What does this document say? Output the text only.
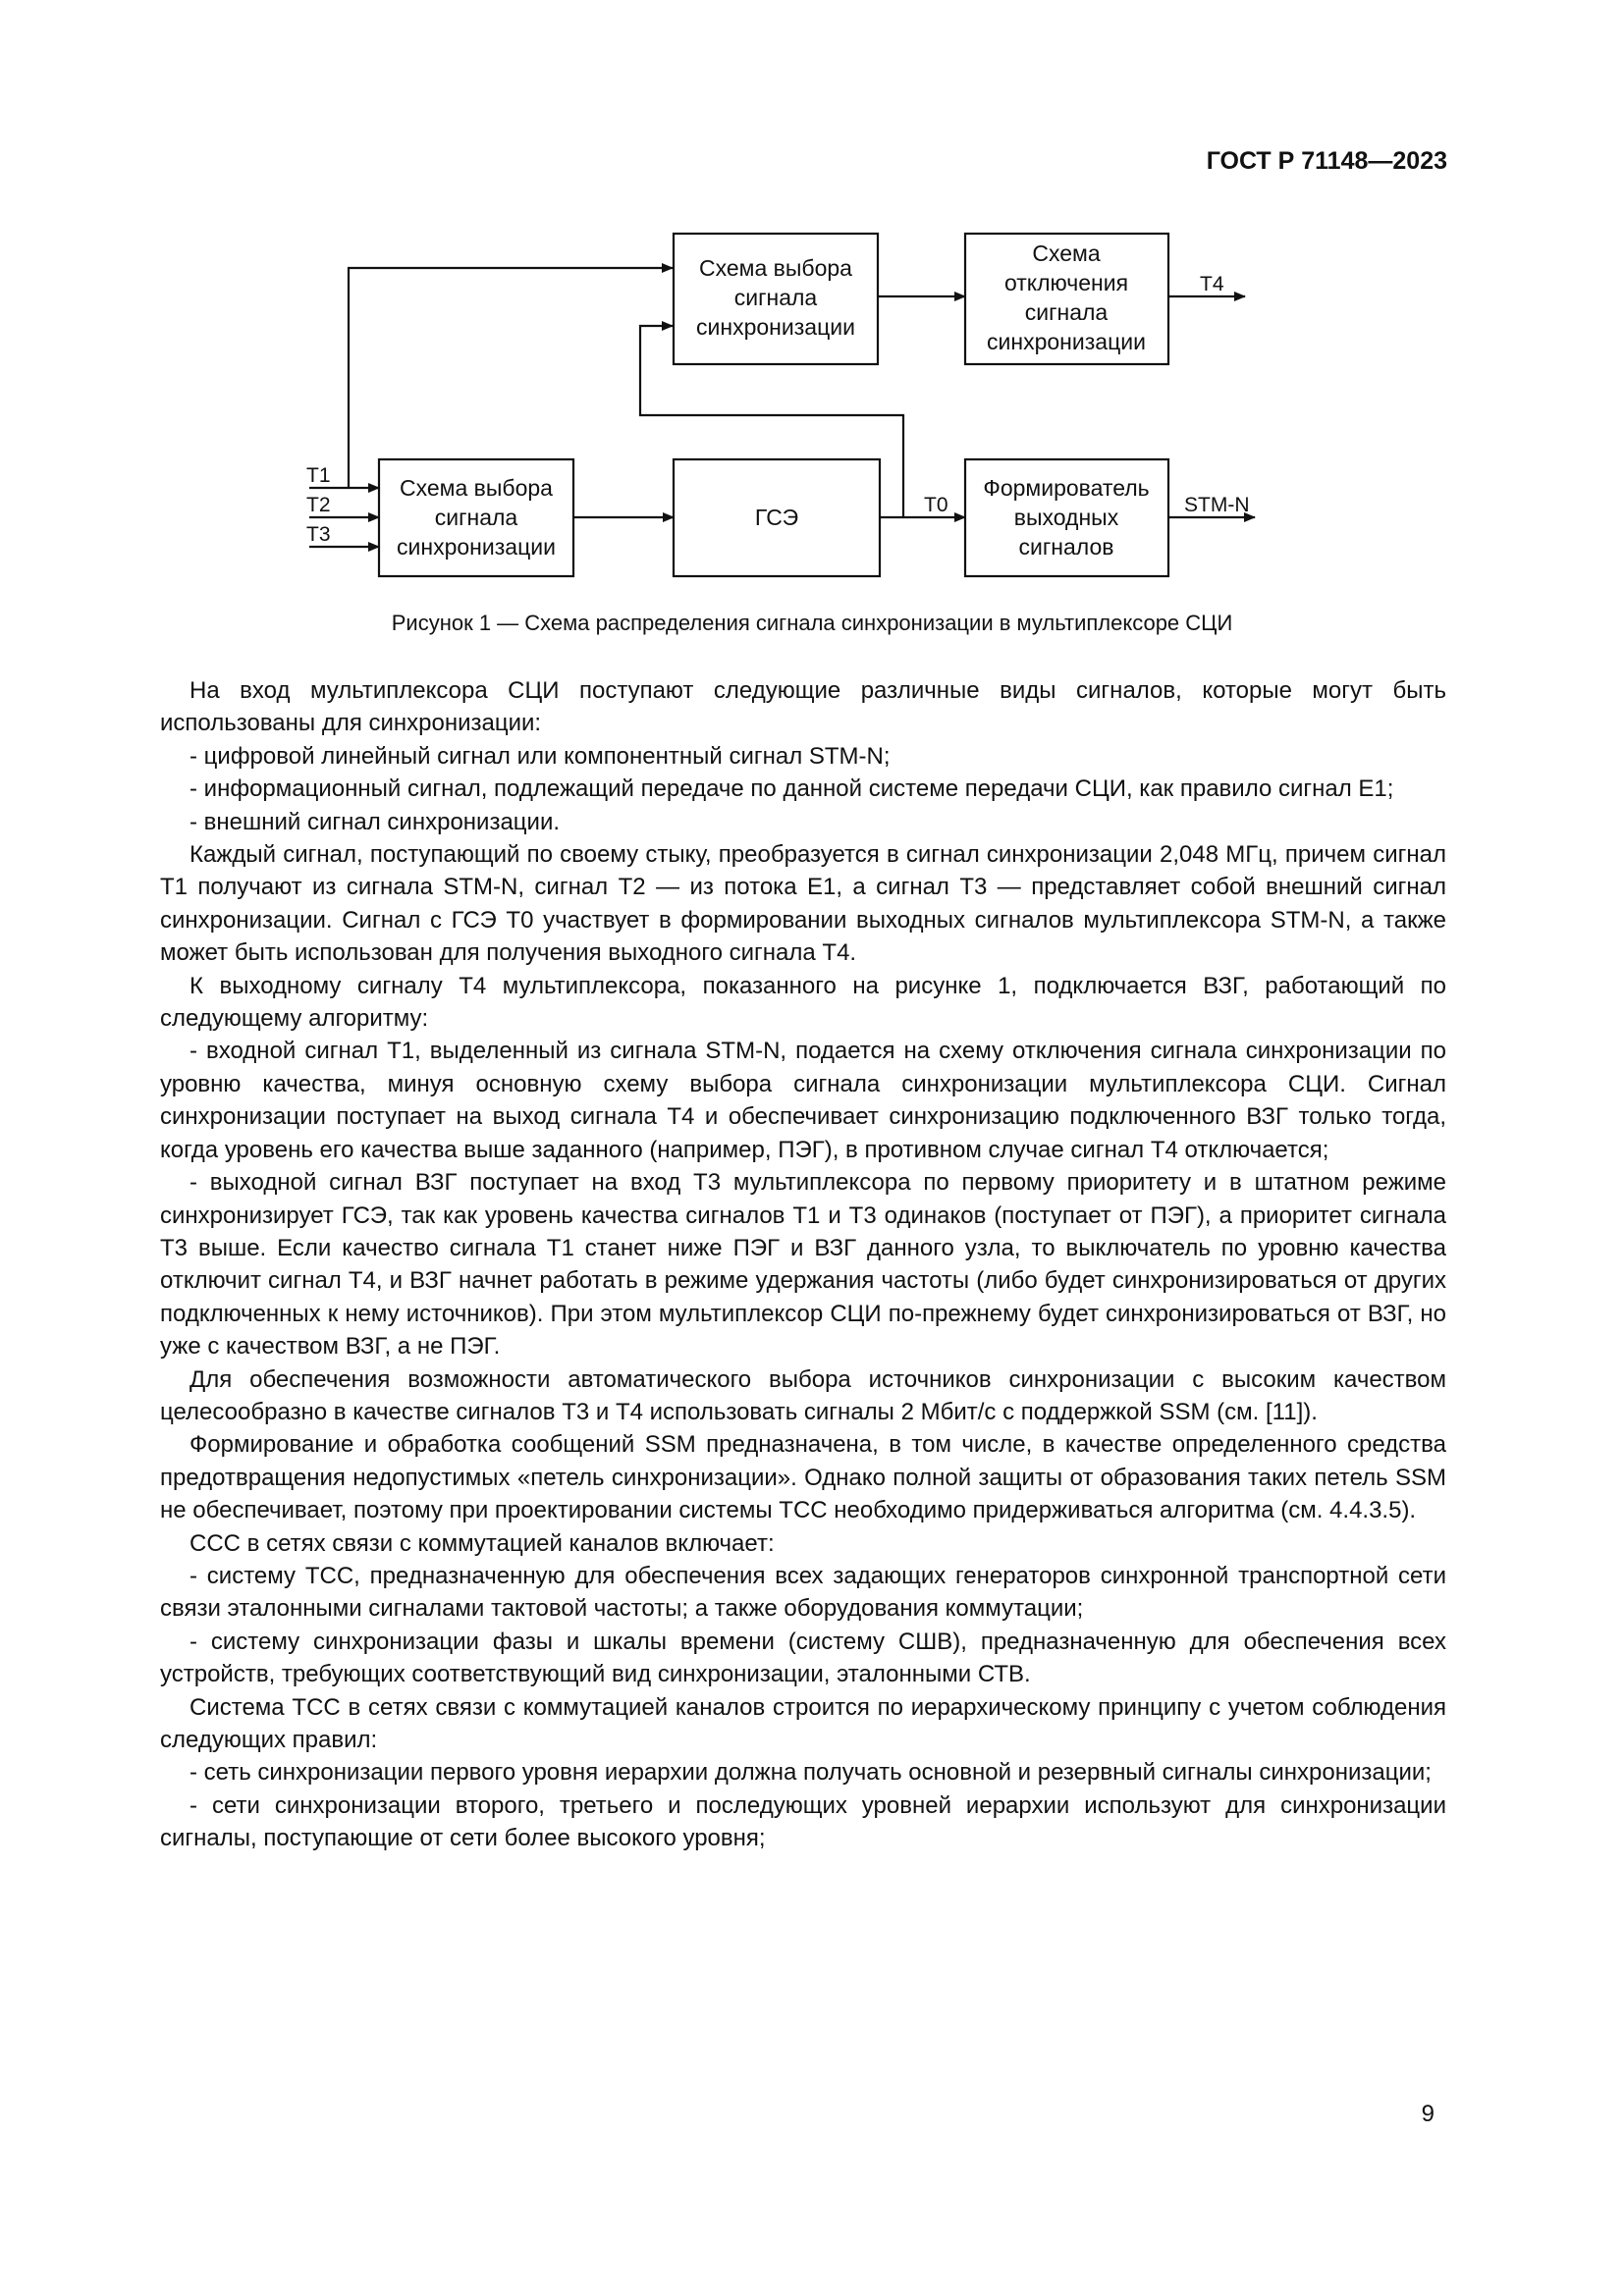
ГОСТ Р 71148—2023
Схема выбора
сигнала
синхронизации
Схема
отключения
сигнала
синхронизации
Схема выбора
сигнала
синхронизации
ГСЭ
Формирователь
выходных
сигналов
T1
T2
T3
T0
T4
STM-N
Рисунок 1 — Схема распределения сигнала синхронизации в мультиплексоре СЦИ

На вход мультиплексора СЦИ поступают следующие различные виды сигналов, которые могут быть использованы для синхронизации:

- цифровой линейный сигнал или компонентный сигнал STM-N;

- информационный сигнал, подлежащий передаче по данной системе передачи СЦИ, как правило сигнал E1;

- внешний сигнал синхронизации.

Каждый сигнал, поступающий по своему стыку, преобразуется в сигнал синхронизации 2,048 МГц, причем сигнал T1 получают из сигнала STM-N, сигнал T2 — из потока E1, а сигнал T3 — представляет собой внешний сигнал синхронизации. Сигнал с ГСЭ T0 участвует в формировании выходных сигналов мультиплексора STM-N, а также может быть использован для получения выходного сигнала T4.

К выходному сигналу T4 мультиплексора, показанного на рисунке 1, подключается ВЗГ, работающий по следующему алгоритму:

- входной сигнал T1, выделенный из сигнала STM-N, подается на схему отключения сигнала синхронизации по уровню качества, минуя основную схему выбора сигнала синхронизации мультиплексора СЦИ. Сигнал синхронизации поступает на выход сигнала T4 и обеспечивает синхронизацию подключенного ВЗГ только тогда, когда уровень его качества выше заданного (например, ПЭГ), в противном случае сигнал T4 отключается;

- выходной сигнал ВЗГ поступает на вход T3 мультиплексора по первому приоритету и в штатном режиме синхронизирует ГСЭ, так как уровень качества сигналов T1 и T3 одинаков (поступает от ПЭГ), а приоритет сигнала T3 выше. Если качество сигнала T1 станет ниже ПЭГ и ВЗГ данного узла, то выключатель по уровню качества отключит сигнал T4, и ВЗГ начнет работать в режиме удержания частоты (либо будет синхронизироваться от других подключенных к нему источников). При этом мультиплексор СЦИ по-прежнему будет синхронизироваться от ВЗГ, но уже с качеством ВЗГ, а не ПЭГ.

Для обеспечения возможности автоматического выбора источников синхронизации с высоким качеством целесообразно в качестве сигналов T3 и T4 использовать сигналы 2 Мбит/с с поддержкой SSM (см. [11]).

Формирование и обработка сообщений SSM предназначена, в том числе, в качестве определенного средства предотвращения недопустимых «петель синхронизации». Однако полной защиты от образования таких петель SSM не обеспечивает, поэтому при проектировании системы ТСС необходимо придерживаться алгоритма (см. 4.4.3.5).

ССС в сетях связи с коммутацией каналов включает:

- систему ТСС, предназначенную для обеспечения всех задающих генераторов синхронной транспортной сети связи эталонными сигналами тактовой частоты; а также оборудования коммутации;

- систему синхронизации фазы и шкалы времени (систему СШВ), предназначенную для обеспечения всех устройств, требующих соответствующий вид синхронизации, эталонными СТВ.

Система ТСС в сетях связи с коммутацией каналов строится по иерархическому принципу с учетом соблюдения следующих правил:

- сеть синхронизации первого уровня иерархии должна получать основной и резервный сигналы синхронизации;

- сети синхронизации второго, третьего и последующих уровней иерархии используют для синхронизации сигналы, поступающие от сети более высокого уровня;

9
